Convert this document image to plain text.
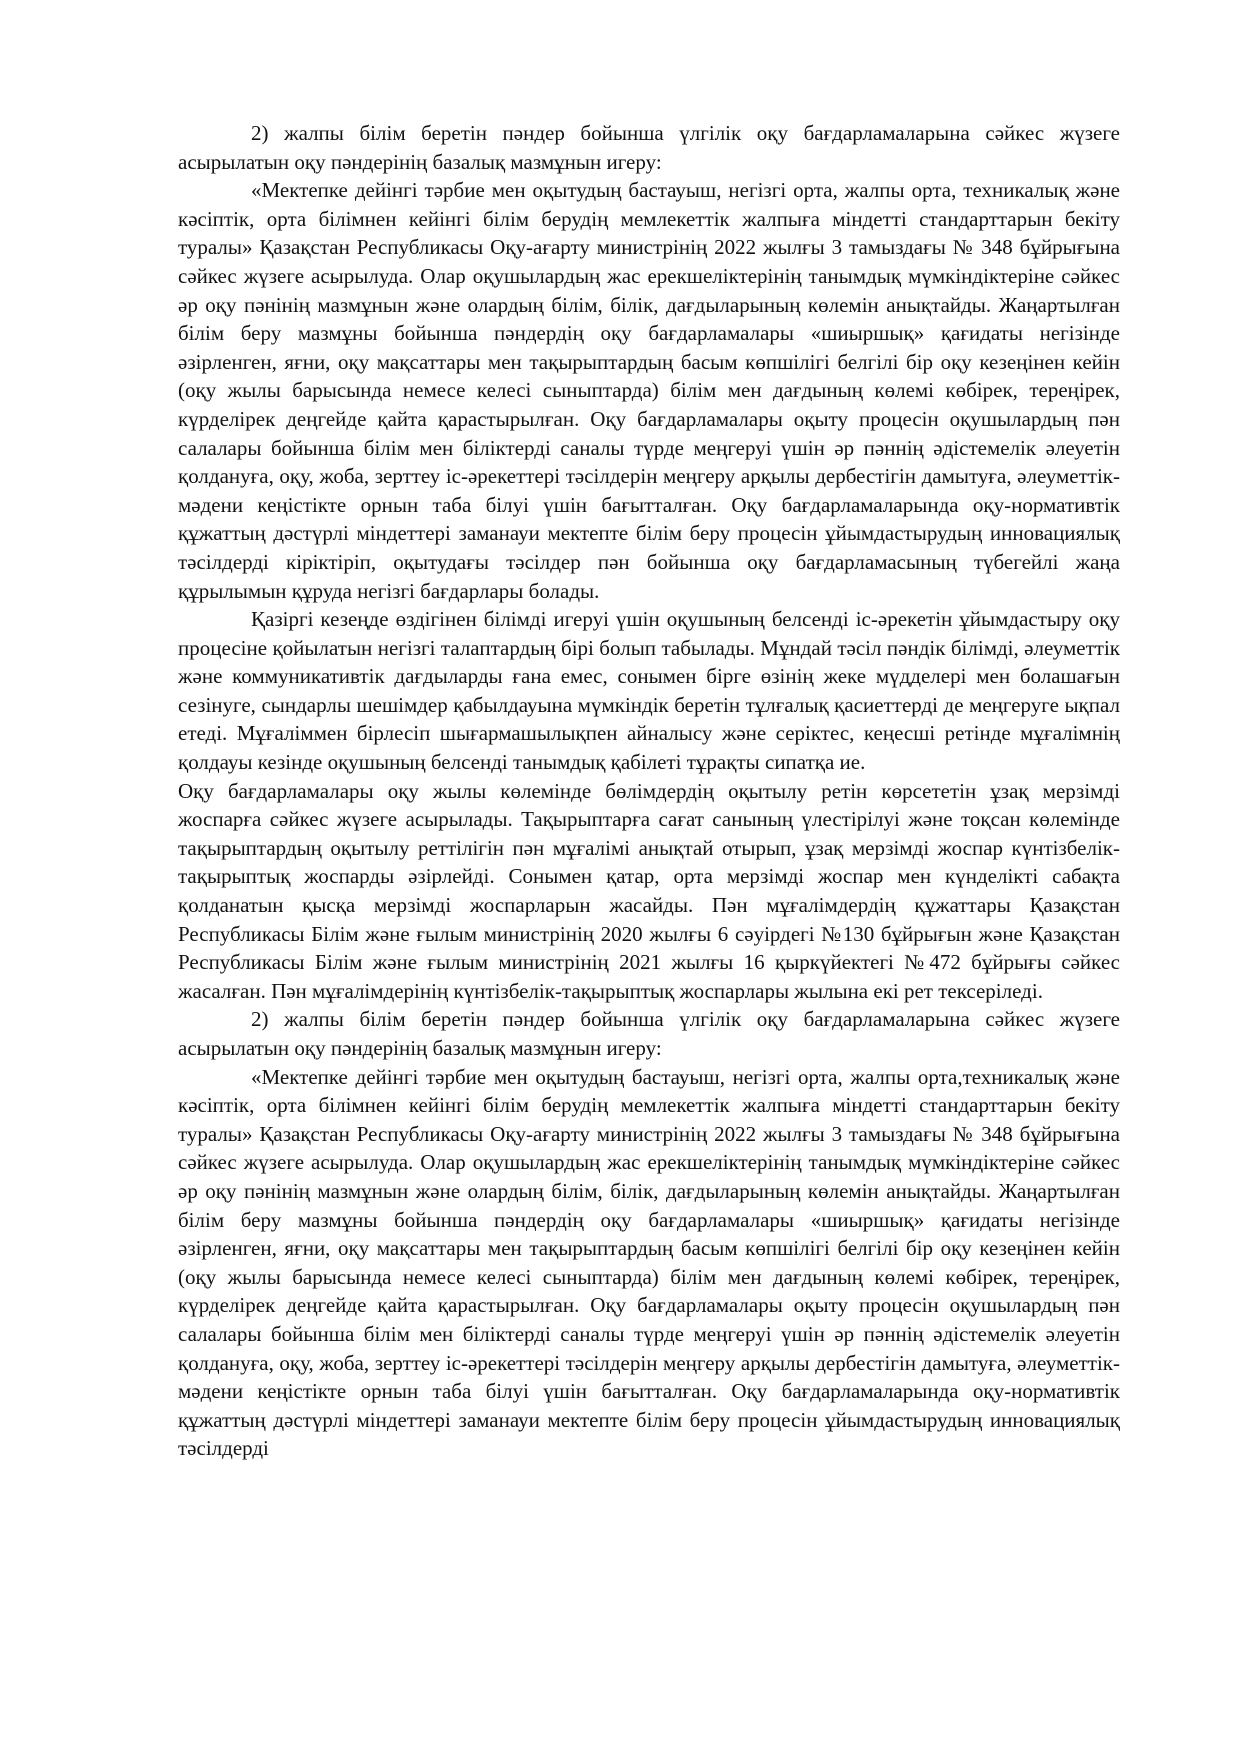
2) жалпы білім беретін пәндер бойынша үлгілік оқу бағдарламаларына сәйкес жүзеге асырылатын оқу пәндерінің базалық мазмұнын игеру:

«Мектепке дейінгі тәрбие мен оқытудың бастауыш, негізгі орта, жалпы орта, техникалық және кәсіптік, орта білімнен кейінгі білім берудің мемлекеттік жалпыға міндетті стандарттарын бекіту туралы» Қазақстан Республикасы Оқу-ағарту министрінің 2022 жылғы 3 тамыздағы № 348 бұйрығына сәйкес жүзеге асырылуда. Олар оқушылардың жас ерекшеліктерінің танымдық мүмкіндіктеріне сәйкес әр оқу пәнінің мазмұнын және олардың білім, білік, дағдыларының көлемін анықтайды. Жаңартылған білім беру мазмұны бойынша пәндердің оқу бағдарламалары «шиыршық» қағидаты негізінде әзірленген, яғни, оқу мақсаттары мен тақырыптардың басым көпшілігі белгілі бір оқу кезеңінен кейін (оқу жылы барысында немесе келесі сыныптарда) білім мен дағдының көлемі көбірек, тереңірек, күрделірек деңгейде қайта қарастырылған. Оқу бағдарламалары оқыту процесін оқушылардың пән салалары бойынша білім мен біліктерді саналы түрде меңгеруі үшін әр пәннің әдістемелік әлеуетін қолдануға, оқу, жоба, зерттеу іс-әрекеттері тәсілдерін меңгеру арқылы дербестігін дамытуға, әлеуметтік-мәдени кеңістікте орнын таба білуі үшін бағытталған. Оқу бағдарламаларында оқу-нормативтік құжаттың дәстүрлі міндеттері заманауи мектепте білім беру процесін ұйымдастырудың инновациялық тәсілдерді кіріктіріп, оқытудағы тәсілдер пән бойынша оқу бағдарламасының түбегейлі жаңа құрылымын құруда негізгі бағдарлары болады.

Қазіргі кезеңде өздігінен білімді игеруі үшін оқушының белсенді іс-әрекетін ұйымдастыру оқу процесіне қойылатын негізгі талаптардың бірі болып табылады. Мұндай тәсіл пәндік білімді, әлеуметтік және коммуникативтік дағдыларды ғана емес, сонымен бірге өзінің жеке мүдделері мен болашағын сезінуге, сындарлы шешімдер қабылдауына мүмкіндік беретін тұлғалық қасиеттерді де меңгеруге ықпал етеді. Мұғаліммен бірлесіп шығармашылықпен айналысу және серіктес, кеңесші ретінде мұғалімнің қолдауы кезінде оқушының белсенді танымдық қабілеті тұрақты сипатқа ие.

Оқу бағдарламалары оқу жылы көлемінде бөлімдердің оқытылу ретін көрсететін ұзақ мерзімді жоспарға сәйкес жүзеге асырылады. Тақырыптарға сағат санының үлестірілуі және тоқсан көлемінде тақырыптардың оқытылу реттілігін пән мұғалімі анықтай отырып, ұзақ мерзімді жоспар күнтізбелік-тақырыптық жоспарды әзірлейді. Сонымен қатар, орта мерзімді жоспар мен күнделікті сабақта қолданатын қысқа мерзімді жоспарларын жасайды. Пән мұғалімдердің құжаттары Қазақстан Республикасы Білім және ғылым министрінің 2020 жылғы 6 сәуірдегі №130 бұйрығын және Қазақстан Республикасы Білім және ғылым министрінің 2021 жылғы 16 қыркүйектегі №472 бұйрығы сәйкес жасалған. Пән мұғалімдерінің күнтізбелік-тақырыптық жоспарлары жылына екі рет тексеріледі.

2) жалпы білім беретін пәндер бойынша үлгілік оқу бағдарламаларына сәйкес жүзеге асырылатын оқу пәндерінің базалық мазмұнын игеру:

«Мектепке дейінгі тәрбие мен оқытудың бастауыш, негізгі орта, жалпы орта,техникалық және кәсіптік, орта білімнен кейінгі білім берудің мемлекеттік жалпыға міндетті стандарттарын бекіту туралы» Қазақстан Республикасы Оқу-ағарту министрінің 2022 жылғы 3 тамыздағы № 348 бұйрығына сәйкес жүзеге асырылуда. Олар оқушылардың жас ерекшеліктерінің танымдық мүмкіндіктеріне сәйкес әр оқу пәнінің мазмұнын және олардың білім, білік, дағдыларының көлемін анықтайды. Жаңартылған білім беру мазмұны бойынша пәндердің оқу бағдарламалары «шиыршық» қағидаты негізінде әзірленген, яғни, оқу мақсаттары мен тақырыптардың басым көпшілігі белгілі бір оқу кезеңінен кейін (оқу жылы барысында немесе келесі сыныптарда) білім мен дағдының көлемі көбірек, тереңірек, күрделірек деңгейде қайта қарастырылған. Оқу бағдарламалары оқыту процесін оқушылардың пән салалары бойынша білім мен біліктерді саналы түрде меңгеруі үшін әр пәннің әдістемелік әлеуетін қолдануға, оқу, жоба, зерттеу іс-әрекеттері тәсілдерін меңгеру арқылы дербестігін дамытуға, әлеуметтік-мәдени кеңістікте орнын таба білуі үшін бағытталған. Оқу бағдарламаларында оқу-нормативтік құжаттың дәстүрлі міндеттері заманауи мектепте білім беру процесін ұйымдастырудың инновациялық тәсілдерді
